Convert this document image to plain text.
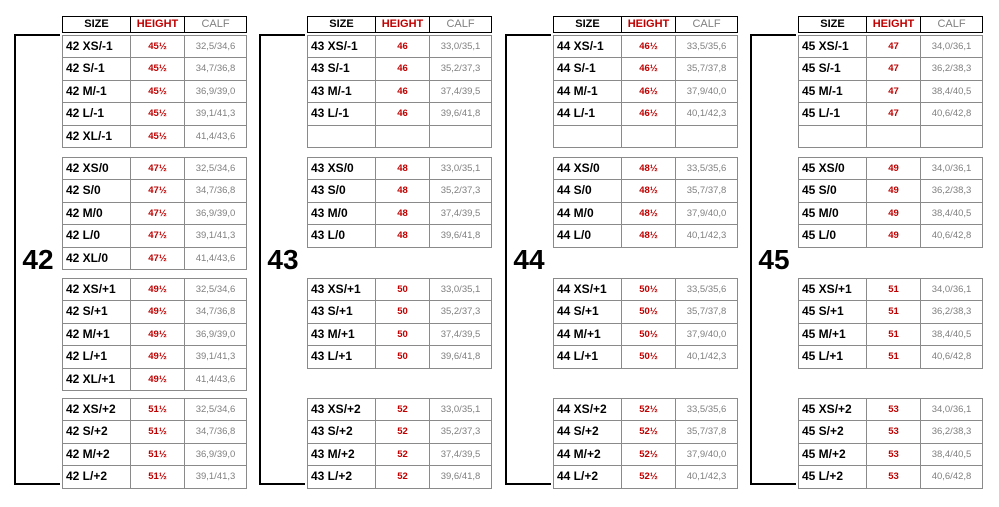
42
SIZE	HEIGHT	CALF
42 XS/-1	45½	32,5/34,6
42 S/-1	45½	34,7/36,8
42 M/-1	45½	36,9/39,0
42 L/-1	45½	39,1/41,3
42 XL/-1	45½	41,4/43,6
42 XS/0	47½	32,5/34,6
42 S/0	47½	34,7/36,8
42 M/0	47½	36,9/39,0
42 L/0	47½	39,1/41,3
42 XL/0	47½	41,4/43,6
42 XS/+1	49½	32,5/34,6
42 S/+1	49½	34,7/36,8
42 M/+1	49½	36,9/39,0
42 L/+1	49½	39,1/41,3
42 XL/+1	49½	41,4/43,6
42 XS/+2	51½	32,5/34,6
42 S/+2	51½	34,7/36,8
42 M/+2	51½	36,9/39,0
42 L/+2	51½	39,1/41,3
43
SIZE	HEIGHT	CALF
43 XS/-1	46	33,0/35,1
43 S/-1	46	35,2/37,3
43 M/-1	46	37,4/39,5
43 L/-1	46	39,6/41,8
43 XS/0	48	33,0/35,1
43 S/0	48	35,2/37,3
43 M/0	48	37,4/39,5
43 L/0	48	39,6/41,8
43 XS/+1	50	33,0/35,1
43 S/+1	50	35,2/37,3
43 M/+1	50	37,4/39,5
43 L/+1	50	39,6/41,8
43 XS/+2	52	33,0/35,1
43 S/+2	52	35,2/37,3
43 M/+2	52	37,4/39,5
43 L/+2	52	39,6/41,8
44
SIZE	HEIGHT	CALF
44 XS/-1	46½	33,5/35,6
44 S/-1	46½	35,7/37,8
44 M/-1	46½	37,9/40,0
44 L/-1	46½	40,1/42,3
44 XS/0	48½	33,5/35,6
44 S/0	48½	35,7/37,8
44 M/0	48½	37,9/40,0
44 L/0	48½	40,1/42,3
44 XS/+1	50½	33,5/35,6
44 S/+1	50½	35,7/37,8
44 M/+1	50½	37,9/40,0
44 L/+1	50½	40,1/42,3
44 XS/+2	52½	33,5/35,6
44 S/+2	52½	35,7/37,8
44 M/+2	52½	37,9/40,0
44 L/+2	52½	40,1/42,3
45
SIZE	HEIGHT	CALF
45 XS/-1	47	34,0/36,1
45 S/-1	47	36,2/38,3
45 M/-1	47	38,4/40,5
45 L/-1	47	40,6/42,8
45 XS/0	49	34,0/36,1
45 S/0	49	36,2/38,3
45 M/0	49	38,4/40,5
45 L/0	49	40,6/42,8
45 XS/+1	51	34,0/36,1
45 S/+1	51	36,2/38,3
45 M/+1	51	38,4/40,5
45 L/+1	51	40,6/42,8
45 XS/+2	53	34,0/36,1
45 S/+2	53	36,2/38,3
45 M/+2	53	38,4/40,5
45 L/+2	53	40,6/42,8
